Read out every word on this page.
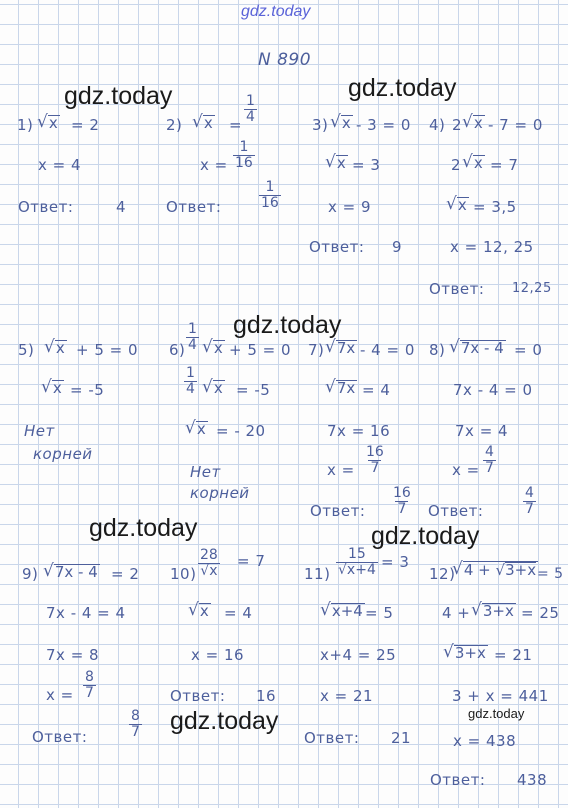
gdz.today
gdz.today	gdz.today
gdz.today
gdz.today	gdz.today
gdz.today	gdz.today
N 890
1) √ x = 2
x = 4
Ответ:	4
2) √ x =
$\frac{1}{4}$
$x = \frac{1}{16}$
Ответ:	$\frac{1}{16}$
3) √ x - 3 = 0
√ x = 3
x = 9
Ответ: 9
4) 2 √ x - 7 = 0
2 √ x = 7
√ x = 3,5
x = 12, 25
Ответ: 12,25
5) √ x + 5 = 0
√ x = -5
Нет
корней
$6) \frac{1}{4}$ √ x + 5 = 0
$\frac{1}{4}$ √ x = -5
√ x = - 20
Нет
корней
7) √ 7x - 4 = 0
√ 7x = 4
7x = 16
$x = \frac{16}{7}$
Ответ: $\frac{16}{7}$
8) √ 7x - 4 = 0
7x - 4 = 0
7x = 4
$x = \frac{4}{7}$
Ответ:	$\frac{4}{7}$
9) √ 7x - 4 = 2
7x - 4 = 4
7x = 8
$x = \frac{8}{7}$
Ответ:	$\frac{8}{7}$
$10) \frac{28}{√x} = 7$
√ x = 4
x = 16
Ответ: 16
$11) \frac{15}{√x+4} = 3$
√ x+4 = 5
x+4 = 25
x = 21
Ответ: 21
12)
√ 4 + √ 3+x = 5
4 + √ 3+x = 25
√ 3+x = 21
3 + x = 441
x = 438
Ответ: 438
